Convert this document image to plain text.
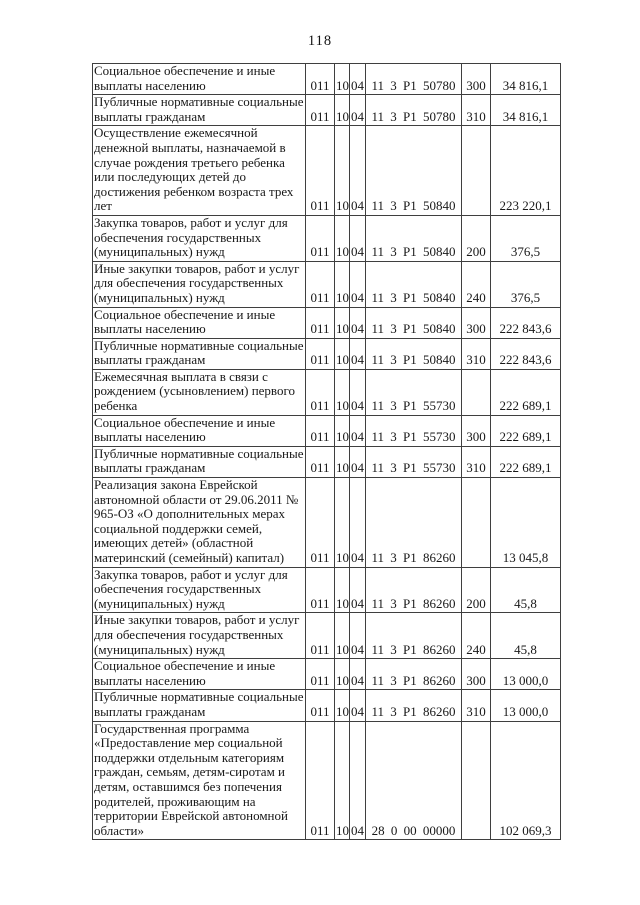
118
Социальное обеспечение и иные выплаты населению	011	10	04	11 3 Р1 50780	300	34 816,1
Публичные нормативные социальные выплаты гражданам	011	10	04	11 3 Р1 50780	310	34 816,1
Осуществление ежемесячной денежной выплаты, назначаемой в случае рождения третьего ребенка или последующих детей до достижения ребенком возраста трех лет	011	10	04	11 3 Р1 50840		223 220,1
Закупка товаров, работ и услуг для обеспечения государственных (муниципальных) нужд	011	10	04	11 3 Р1 50840	200	376,5
Иные закупки товаров, работ и услуг для обеспечения государственных (муниципальных) нужд	011	10	04	11 3 Р1 50840	240	376,5
Социальное обеспечение и иные выплаты населению	011	10	04	11 3 Р1 50840	300	222 843,6
Публичные нормативные социальные выплаты гражданам	011	10	04	11 3 Р1 50840	310	222 843,6
Ежемесячная выплата в связи с рождением (усыновлением) первого ребенка	011	10	04	11 3 Р1 55730		222 689,1
Социальное обеспечение и иные выплаты населению	011	10	04	11 3 Р1 55730	300	222 689,1
Публичные нормативные социальные выплаты гражданам	011	10	04	11 3 Р1 55730	310	222 689,1
Реализация закона Еврейской автономной области от 29.06.2011 № 965-ОЗ «О дополнительных мерах социальной поддержки семей, имеющих детей» (областной материнский (семейный) капитал)	011	10	04	11 3 Р1 86260		13 045,8
Закупка товаров, работ и услуг для обеспечения государственных (муниципальных) нужд	011	10	04	11 3 Р1 86260	200	45,8
Иные закупки товаров, работ и услуг для обеспечения государственных (муниципальных) нужд	011	10	04	11 3 Р1 86260	240	45,8
Социальное обеспечение и иные выплаты населению	011	10	04	11 3 Р1 86260	300	13 000,0
Публичные нормативные социальные выплаты гражданам	011	10	04	11 3 Р1 86260	310	13 000,0
Государственная программа «Предоставление мер социальной поддержки отдельным категориям граждан, семьям, детям-сиротам и детям, оставшимся без попечения родителей, проживающим на территории Еврейской автономной области»	011	10	04	28 0 00 00000		102 069,3
